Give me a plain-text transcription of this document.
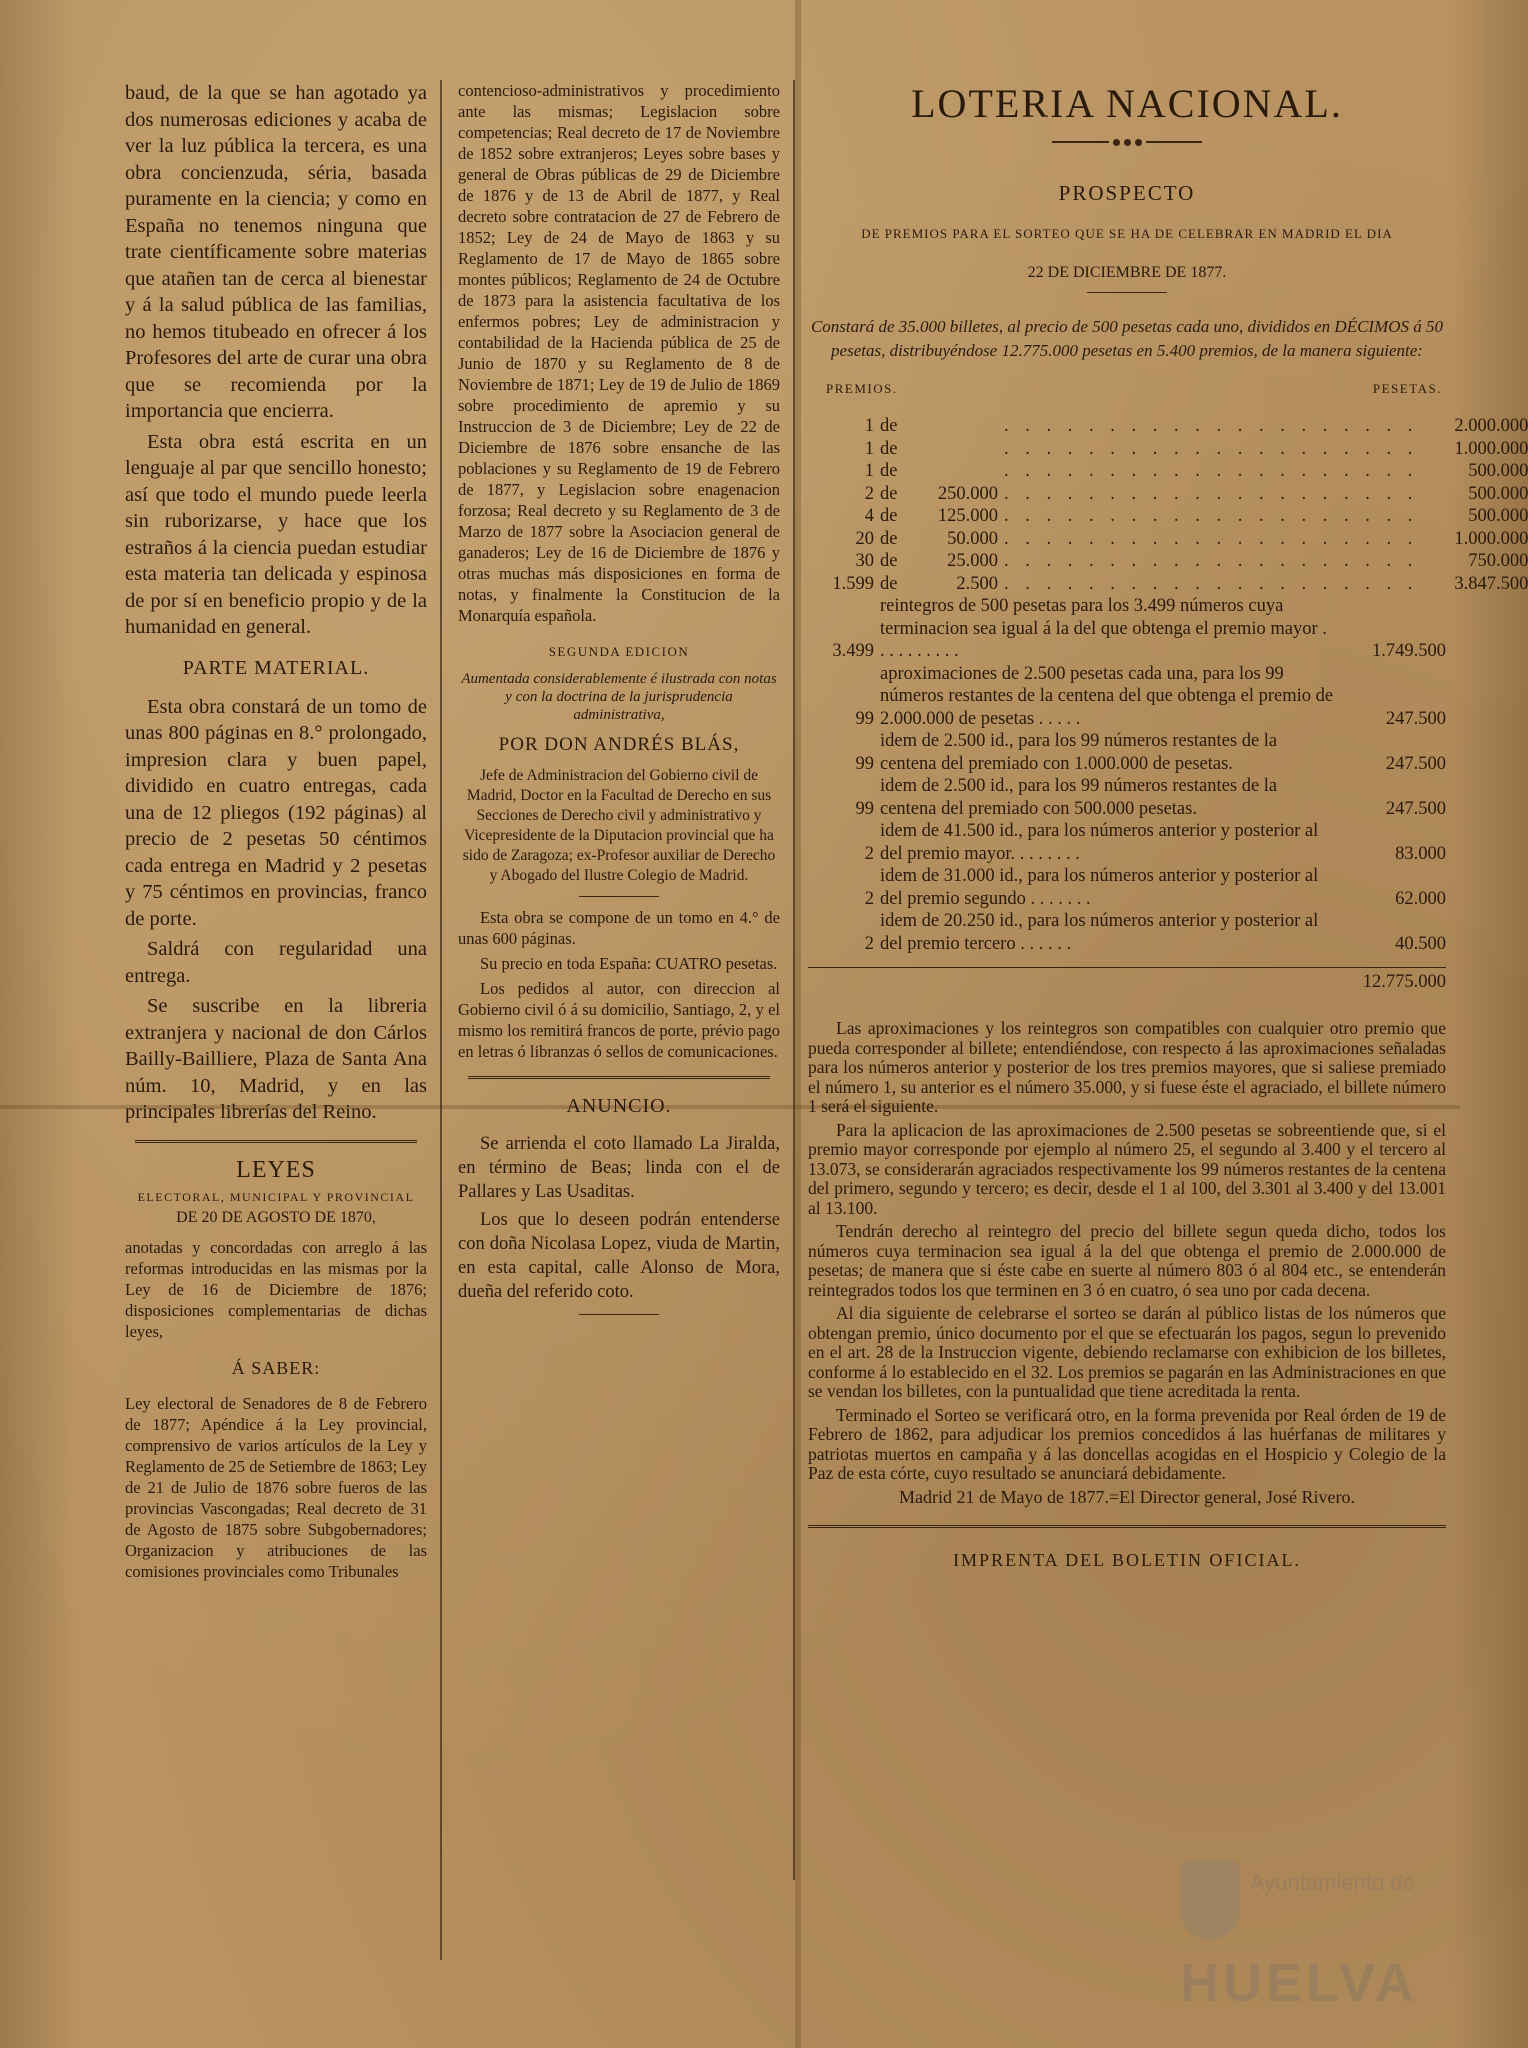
baud, de la que se han agotado ya dos numerosas ediciones y acaba de ver la luz pública la tercera, es una obra concienzuda, séria, basada puramente en la ciencia; y como en España no tenemos ninguna que trate científicamente sobre materias que atañen tan de cerca al bienestar y á la salud pública de las familias, no hemos titubeado en ofrecer á los Profesores del arte de curar una obra que se recomienda por la importancia que encierra.

Esta obra está escrita en un lenguaje al par que sencillo honesto; así que todo el mundo puede leerla sin ruborizarse, y hace que los estraños á la ciencia puedan estudiar esta materia tan delicada y espinosa de por sí en beneficio propio y de la humanidad en general.

PARTE MATERIAL.

Esta obra constará de un tomo de unas 800 páginas en 8.° prolongado, impresion clara y buen papel, dividido en cuatro entregas, cada una de 12 pliegos (192 páginas) al precio de 2 pesetas 50 céntimos cada entrega en Madrid y 2 pesetas y 75 céntimos en provincias, franco de porte.

Saldrá con regularidad una entrega.

Se suscribe en la libreria extranjera y nacional de don Cárlos Bailly-Bailliere, Plaza de Santa Ana núm. 10, Madrid, y en las principales librerías del Reino.

LEYES
ELECTORAL, MUNICIPAL Y PROVINCIAL
DE 20 DE AGOSTO DE 1870,

anotadas y concordadas con arreglo á las reformas introducidas en las mismas por la Ley de 16 de Diciembre de 1876; disposiciones complementarias de dichas leyes,

Á SABER:

Ley electoral de Senadores de 8 de Febrero de 1877; Apéndice á la Ley provincial, comprensivo de varios artículos de la Ley y Reglamento de 25 de Setiembre de 1863; Ley de 21 de Julio de 1876 sobre fueros de las provincias Vascongadas; Real decreto de 31 de Agosto de 1875 sobre Subgobernadores; Organizacion y atribuciones de las comisiones provinciales como Tribunales

contencioso-administrativos y procedimiento ante las mismas; Legislacion sobre competencias; Real decreto de 17 de Noviembre de 1852 sobre extranjeros; Leyes sobre bases y general de Obras públicas de 29 de Diciembre de 1876 y de 13 de Abril de 1877, y Real decreto sobre contratacion de 27 de Febrero de 1852; Ley de 24 de Mayo de 1863 y su Reglamento de 17 de Mayo de 1865 sobre montes públicos; Reglamento de 24 de Octubre de 1873 para la asistencia facultativa de los enfermos pobres; Ley de administracion y contabilidad de la Hacienda pública de 25 de Junio de 1870 y su Reglamento de 8 de Noviembre de 1871; Ley de 19 de Julio de 1869 sobre procedimiento de apremio y su Instruccion de 3 de Diciembre; Ley de 22 de Diciembre de 1876 sobre ensanche de las poblaciones y su Reglamento de 19 de Febrero de 1877, y Legislacion sobre enagenacion forzosa; Real decreto y su Reglamento de 3 de Marzo de 1877 sobre la Asociacion general de ganaderos; Ley de 16 de Diciembre de 1876 y otras muchas más disposiciones en forma de notas, y finalmente la Constitucion de la Monarquía española.

SEGUNDA EDICION

Aumentada considerablemente é ilustrada con notas y con la doctrina de la jurisprudencia administrativa,

POR DON ANDRÉS BLÁS,

Jefe de Administracion del Gobierno civil de Madrid, Doctor en la Facultad de Derecho en sus Secciones de Derecho civil y administrativo y Vicepresidente de la Diputacion provincial que ha sido de Zaragoza; ex-Profesor auxiliar de Derecho y Abogado del Ilustre Colegio de Madrid.

Esta obra se compone de un tomo en 4.° de unas 600 páginas.

Su precio en toda España: CUATRO pesetas.

Los pedidos al autor, con direccion al Gobierno civil ó á su domicilio, Santiago, 2, y el mismo los remitirá francos de porte, prévio pago en letras ó libranzas ó sellos de comunicaciones.

ANUNCIO.

Se arrienda el coto llamado La Jiralda, en término de Beas; linda con el de Pallares y Las Usaditas.

Los que lo deseen podrán entenderse con doña Nicolasa Lopez, viuda de Martin, en esta capital, calle Alonso de Mora, dueña del referido coto.

LOTERIA NACIONAL.
PROSPECTO
DE PREMIOS PARA EL SORTEO QUE SE HA DE CELEBRAR EN MADRID EL DIA
22 DE DICIEMBRE DE 1877.

Constará de 35.000 billetes, al precio de 500 pesetas cada uno, divididos en DÉCIMOS á 50 pesetas, distribuyéndose 12.775.000 pesetas en 5.400 premios, de la manera siguiente:

PREMIOS.	PESETAS.
1 de	. . . . . . . . . . . . . . . . . . . .	2.000.000
1 de	. . . . . . . . . . . . . . . . . . . .	1.000.000
1 de	. . . . . . . . . . . . . . . . . . . .	500.000
2 de	250.000 . . . . . . . . . . . . . . . . . . . .	500.000
4 de	125.000 . . . . . . . . . . . . . . . . . . . .	500.000
20 de	50.000 . . . . . . . . . . . . . . . . . . . .	1.000.000
30 de	25.000 . . . . . . . . . . . . . . . . . . . .	750.000
1.599 de	2.500 . . . . . . . . . . . . . . . . . . . .	3.847.500
3.499
reintegros de 500 pesetas para los 3.499 números cuya terminacion sea igual á la del que obtenga el premio mayor . . . . . . . . . .	1.749.500
99
aproximaciones de 2.500 pesetas cada una, para los 99 números restantes de la centena del que obtenga el premio de 2.000.000 de pesetas . . . . .	247.500
99
idem de 2.500 id., para los 99 números restantes de la centena del premiado con 1.000.000 de pesetas.	247.500
99
idem de 2.500 id., para los 99 números restantes de la centena del premiado con 500.000 pesetas.	247.500
2
idem de 41.500 id., para los números anterior y posterior al del premio mayor. . . . . . . .	83.000
2
idem de 31.000 id., para los números anterior y posterior al del premio segundo . . . . . . .	62.000
2
idem de 20.250 id., para los números anterior y posterior al del premio tercero . . . . . .	40.500
12.775.000

Las aproximaciones y los reintegros son compatibles con cualquier otro premio que pueda corresponder al billete; entendiéndose, con respecto á las aproximaciones señaladas para los números anterior y posterior de los tres premios mayores, que si saliese premiado el número 1, su anterior es el número 35.000, y si fuese éste el agraciado, el billete número 1 será el siguiente.

Para la aplicacion de las aproximaciones de 2.500 pesetas se sobreentiende que, si el premio mayor corresponde por ejemplo al número 25, el segundo al 3.400 y el tercero al 13.073, se considerarán agraciados respectivamente los 99 números restantes de la centena del primero, segundo y tercero; es decir, desde el 1 al 100, del 3.301 al 3.400 y del 13.001 al 13.100.

Tendrán derecho al reintegro del precio del billete segun queda dicho, todos los números cuya terminacion sea igual á la del que obtenga el premio de 2.000.000 de pesetas; de manera que si éste cabe en suerte al número 803 ó al 804 etc., se entenderán reintegrados todos los que terminen en 3 ó en cuatro, ó sea uno por cada decena.

Al dia siguiente de celebrarse el sorteo se darán al público listas de los números que obtengan premio, único documento por el que se efectuarán los pagos, segun lo prevenido en el art. 28 de la Instruccion vigente, debiendo reclamarse con exhibicion de los billetes, conforme á lo establecido en el 32. Los premios se pagarán en las Administraciones en que se vendan los billetes, con la puntualidad que tiene acreditada la renta.

Terminado el Sorteo se verificará otro, en la forma prevenida por Real órden de 19 de Febrero de 1862, para adjudicar los premios concedidos á las huérfanas de militares y patriotas muertos en campaña y á las doncellas acogidas en el Hospicio y Colegio de la Paz de esta córte, cuyo resultado se anunciará debidamente.

Madrid 21 de Mayo de 1877.=El Director general, José Rivero.

IMPRENTA DEL BOLETIN OFICIAL.
Ayuntamiento de
HUELVA
